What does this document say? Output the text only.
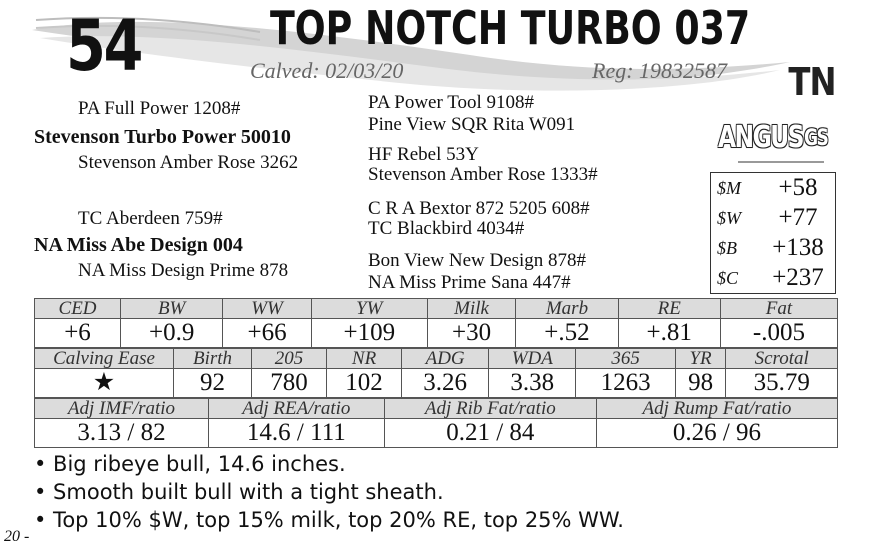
54	TOP NOTCH TURBO 037
Calved: 02/03/20	Reg: 19832587 TN
ANGUS GS
PA Full Power 1208#
Stevenson Turbo Power 50010
Stevenson Amber Rose 3262
PA Power Tool 9108#
Pine View SQR Rita W091
HF Rebel 53Y
Stevenson Amber Rose 1333#
TC Aberdeen 759#
NA Miss Abe Design 004
NA Miss Design Prime 878
C R A Bextor 872 5205 608#
TC Blackbird 4034#
Bon View New Design 878#
NA Miss Prime Sana 447#
$M	+58
$W	+77
$B	+138
$C	+237
CED	BW	WW	YW	Milk	Marb	RE	Fat
+6	+0.9	+66	+109	+30	+.52	+.81	-.005
Calving Ease	Birth	205	NR	ADG	WDA	365	YR	Scrotal
★	92	780	102	3.26	3.38	1263	98	35.79
Adj IMF/ratio	Adj REA/ratio	Adj Rib Fat/ratio	Adj Rump Fat/ratio
3.13 / 82	14.6 / 111	0.21 / 84	0.26 / 96
• Big ribeye bull, 14.6 inches.
• Smooth built bull with a tight sheath.
• Top 10% $W, top 15% milk, top 20% RE, top 25% WW.
20 -
